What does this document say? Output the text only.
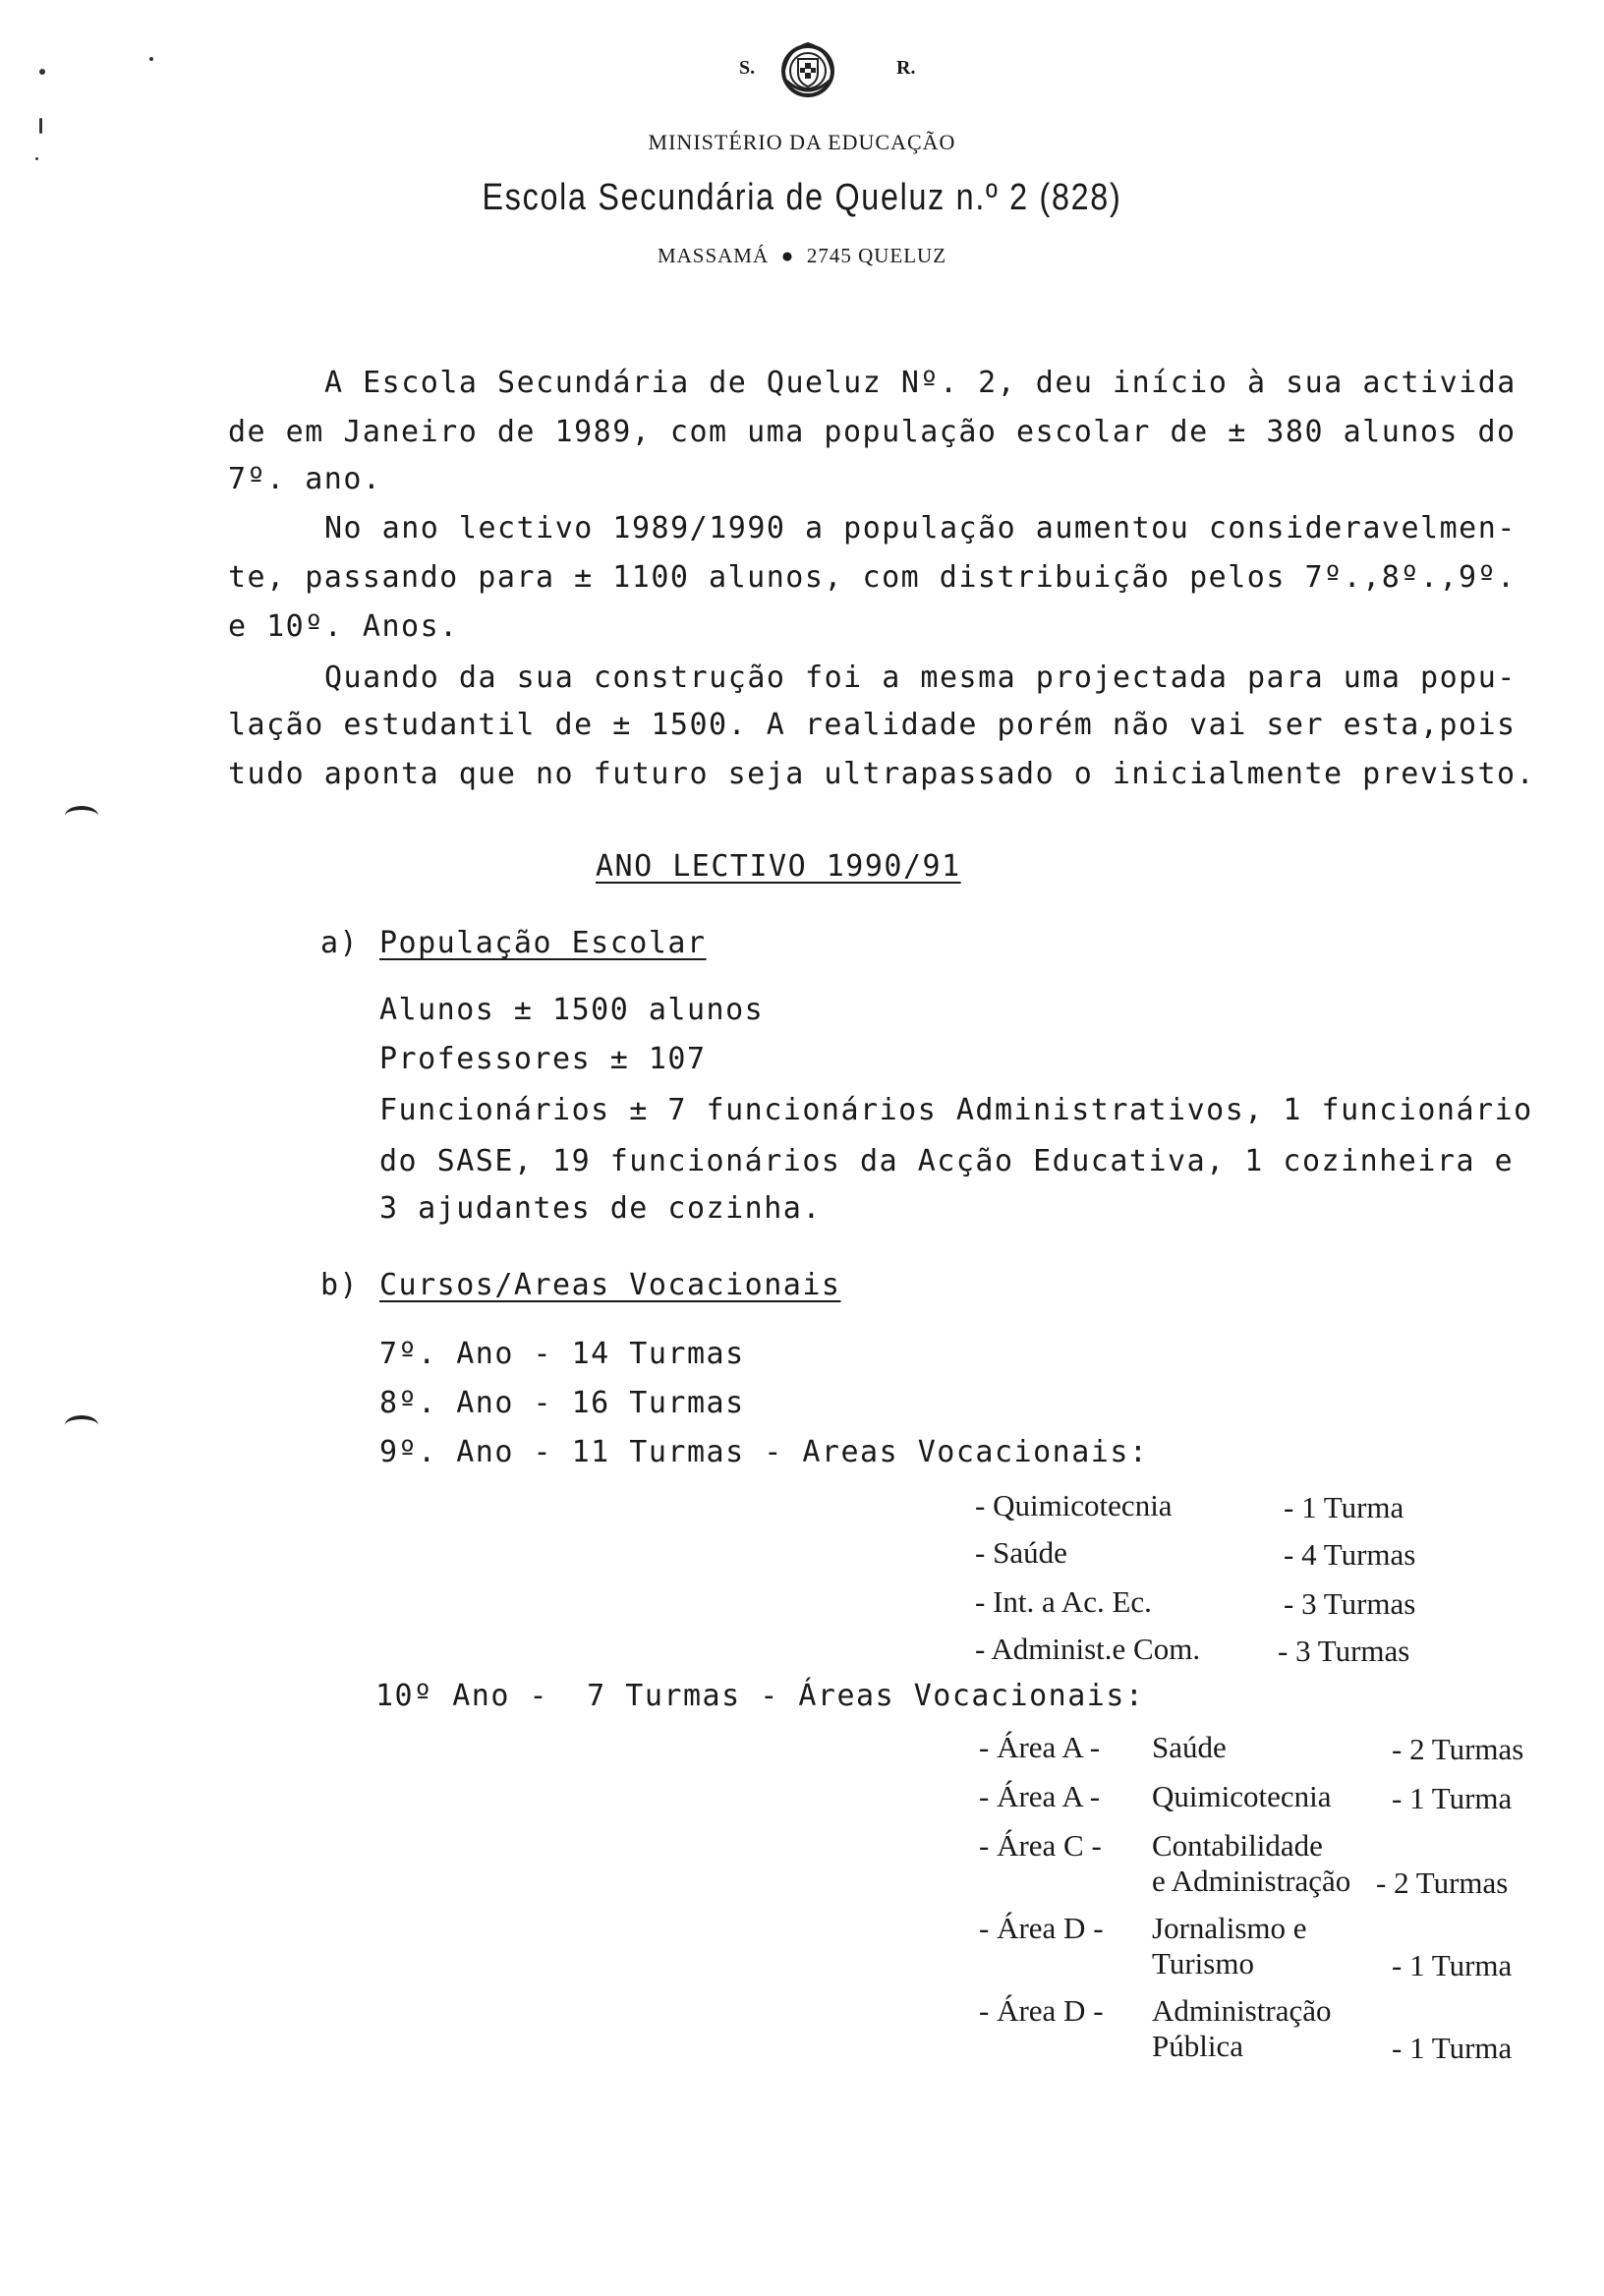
S.	R.
MINISTÉRIO DA EDUCAÇÃO
Escola Secundária de Queluz n.º 2 (828)
MASSAMÁ  ●  2745 QUELUZ
A Escola Secundária de Queluz Nº. 2, deu início à sua activida
de em Janeiro de 1989, com uma população escolar de ± 380 alunos do
7º. ano.
No ano lectivo 1989/1990 a população aumentou consideravelmen-
te, passando para ± 1100 alunos, com distribuição pelos 7º.,8º.,9º.
e 10º. Anos.
Quando da sua construção foi a mesma projectada para uma popu-
lação estudantil de ± 1500. A realidade porém não vai ser esta,pois
tudo aponta que no futuro seja ultrapassado o inicialmente previsto.
ANO LECTIVO 1990/91
a) População Escolar
Alunos ± 1500 alunos
Professores ± 107
Funcionários ± 7 funcionários Administrativos, 1 funcionário
do SASE, 19 funcionários da Acção Educativa, 1 cozinheira e
3 ajudantes de cozinha.
b) Cursos/Areas Vocacionais
7º. Ano - 14 Turmas
8º. Ano - 16 Turmas
9º. Ano - 11 Turmas - Areas Vocacionais:
- Quimicotecnia	- 1 Turma
- Saúde	- 4 Turmas
- Int. a Ac. Ec.	- 3 Turmas
- Administ.e Com.	- 3 Turmas
10º Ano -  7 Turmas - Áreas Vocacionais:
- Área A - Saúde	- 2 Turmas
- Área A - Quimicotecnia - 1 Turma
- Área C - Contabilidade
e Administração - 2 Turmas
- Área D - Jornalismo e
Turismo	- 1 Turma
- Área D - Administração
Pública	- 1 Turma
